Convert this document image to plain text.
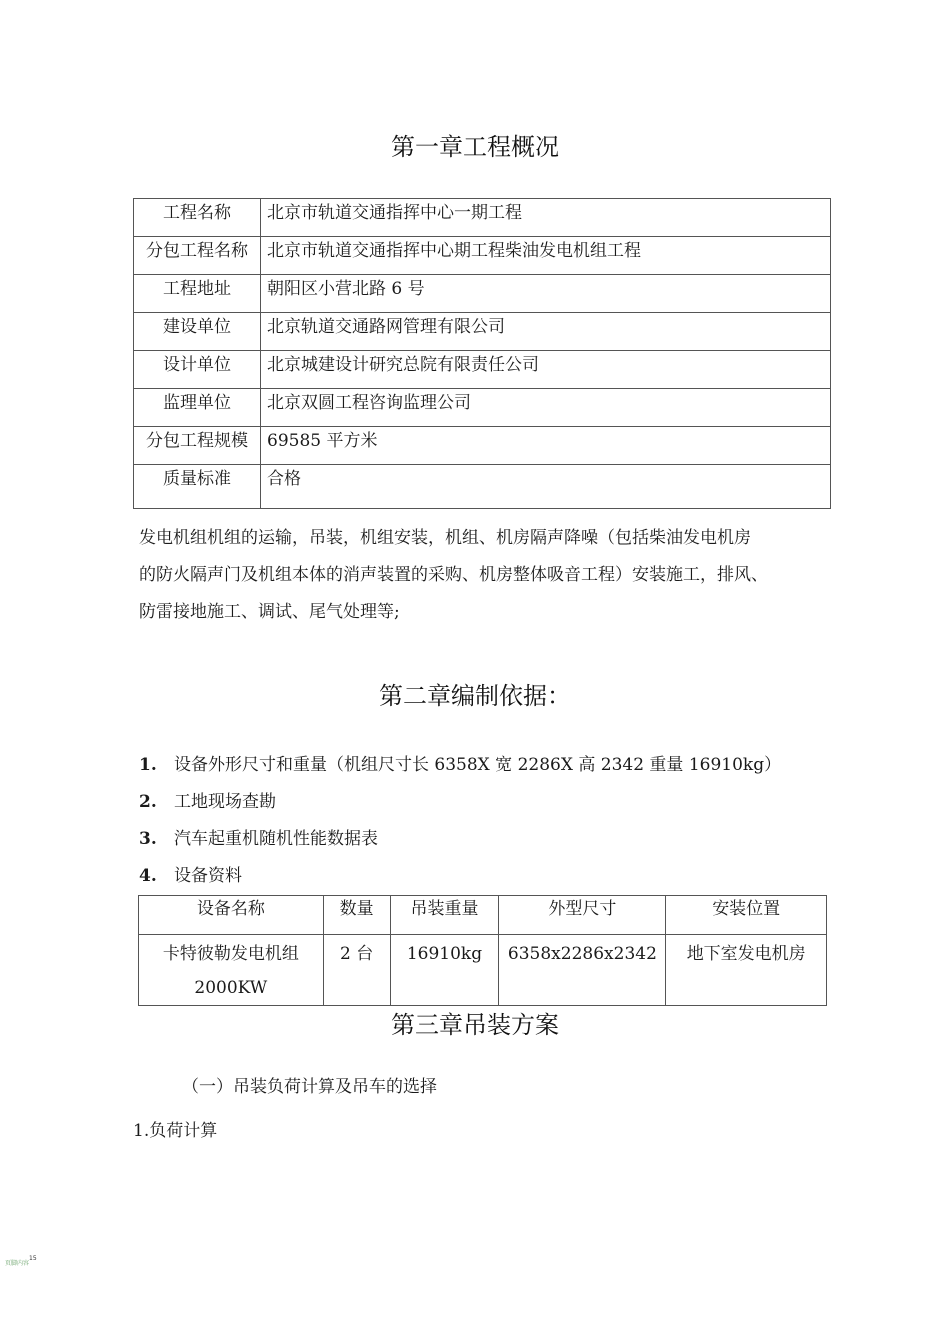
第一章工程概况
工程名称	北京市轨道交通指挥中心一期工程

分包工程名称	北京市轨道交通指挥中心期工程柴油发电机组工程

工程地址	朝阳区小营北路 6 号

建设单位	北京轨道交通路网管理有限公司

设计单位	北京城建设计研究总院有限责任公司

监理单位	北京双圆工程咨询监理公司

分包工程规模	69585 平方米

质量标准	合格
发电机组机组的运输，吊装，机组安装，机组、机房隔声降噪（包括柴油发电机房
的防火隔声门及机组本体的消声装置的采购、机房整体吸音工程）安装施工，排风、
防雷接地施工、调试、尾气处理等;
第二章编制依据：
1. 设备外形尺寸和重量（机组尺寸长 6358X 宽 2286X 高 2342 重量 16910kg）
2. 工地现场查勘
3. 汽车起重机随机性能数据表
4. 设备资料
设备名称	数量	吊装重量	外型尺寸	安装位置

卡特彼勒发电机组
2000KW	2 台	16910kg	6358x2286x2342	地下室发电机房
第三章吊装方案

（一）吊装负荷计算及吊车的选择

1.负荷计算

页脚内容15
